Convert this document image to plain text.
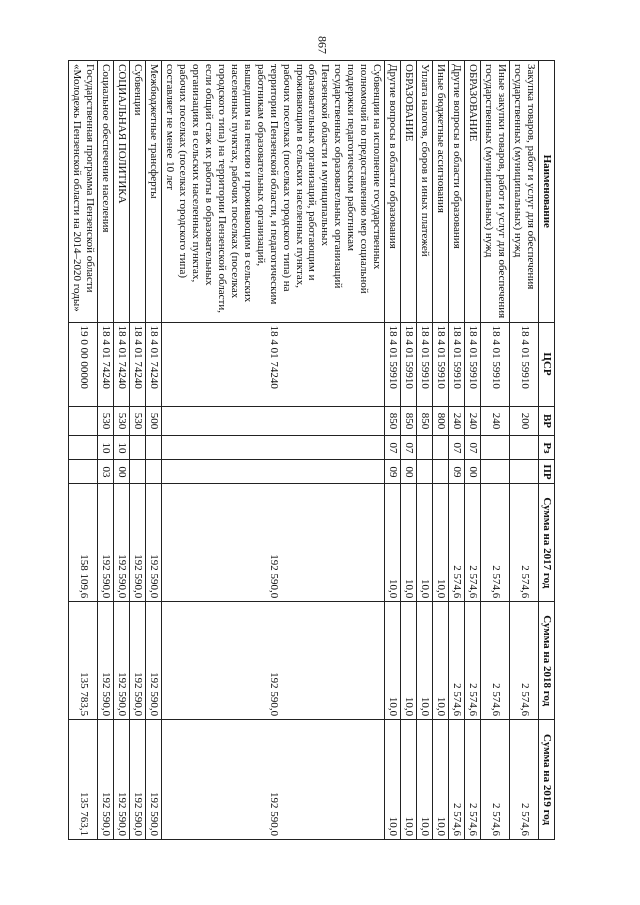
867
Наименование	ЦСР	ВР	Рз	ПР	Сумма на 2017 год	Сумма на 2018 год	Сумма на 2019 год
Закупка товаров, работ и услуг для обеспечения государственных (муниципальных) нужд	18 4 01 59910	200			2 574,6	2 574,6	2 574,6
Иные закупки товаров, работ и услуг для обеспечения государственных (муниципальных) нужд	18 4 01 59910	240			2 574,6	2 574,6	2 574,6
ОБРАЗОВАНИЕ	18 4 01 59910	240	07	00	2 574,6	2 574,6	2 574,6
Другие вопросы в области образования	18 4 01 59910	240	07	09	2 574,6	2 574,6	2 574,6
Иные бюджетные ассигнования	18 4 01 59910	800			10,0	10,0	10,0
Уплата налогов, сборов и иных платежей	18 4 01 59910	850			10,0	10,0	10,0
ОБРАЗОВАНИЕ	18 4 01 59910	850	07	00	10,0	10,0	10,0
Другие вопросы в области образования	18 4 01 59910	850	07	09	10,0	10,0	10,0
Субвенции на исполнение государственных полномочий по предоставлению мер социальной поддержки педагогическим работникам государственных образовательных организаций Пензенской области и муниципальных образовательных организаций, работающим и проживающим в сельских населенных пунктах, рабочих поселках (поселках городского типа) на территории Пензенской области, и педагогическим работникам образовательных организаций, вышедшим на пенсию и проживающим в сельских населенных пунктах, рабочих поселках (поселках городского типа) на территории Пензенской области, если общий стаж их работы в образовательных организациях в сельских населенных пунктах, рабочих поселках (поселках городского типа) составляет не менее 10 лет	18 4 01 74240				192 590,0	192 590,0	192 590,0
Межбюджетные трансферты	18 4 01 74240	500			192 590,0	192 590,0	192 590,0
Субвенции	18 4 01 74240	530			192 590,0	192 590,0	192 590,0
СОЦИАЛЬНАЯ ПОЛИТИКА	18 4 01 74240	530	10	00	192 590,0	192 590,0	192 590,0
Социальное обеспечение населения	18 4 01 74240	530	10	03	192 590,0	192 590,0	192 590,0
Государственная программа Пензенской области «Молодежь Пензенской области на 2014–2020 годы»	19 0 00 00000				158 109,6	135 783,5	135 763,1
